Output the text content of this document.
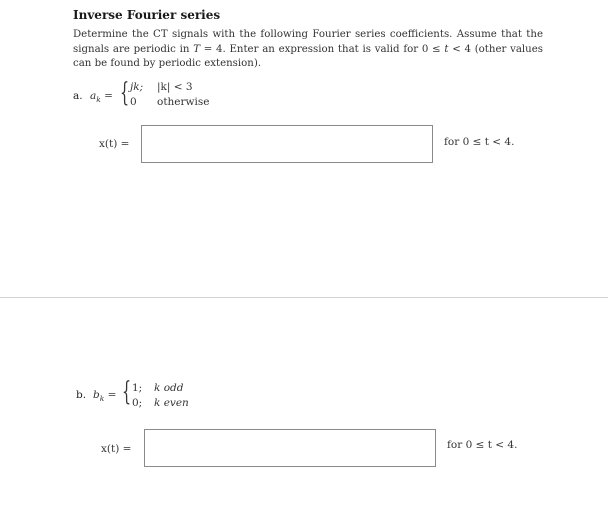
Inverse Fourier series
Determine the CT signals with the following Fourier series coefficients. Assume that the signals are periodic in T = 4. Enter an expression that is valid for 0 ≤ t < 4 (other values can be found by periodic extension).
a. $a_k$ = { jk; |k| < 3
0 otherwise
x(t) =	for 0 ≤ t < 4.
b. $b_k$ = { 1; k odd
0; k even
x(t) =	for 0 ≤ t < 4.
